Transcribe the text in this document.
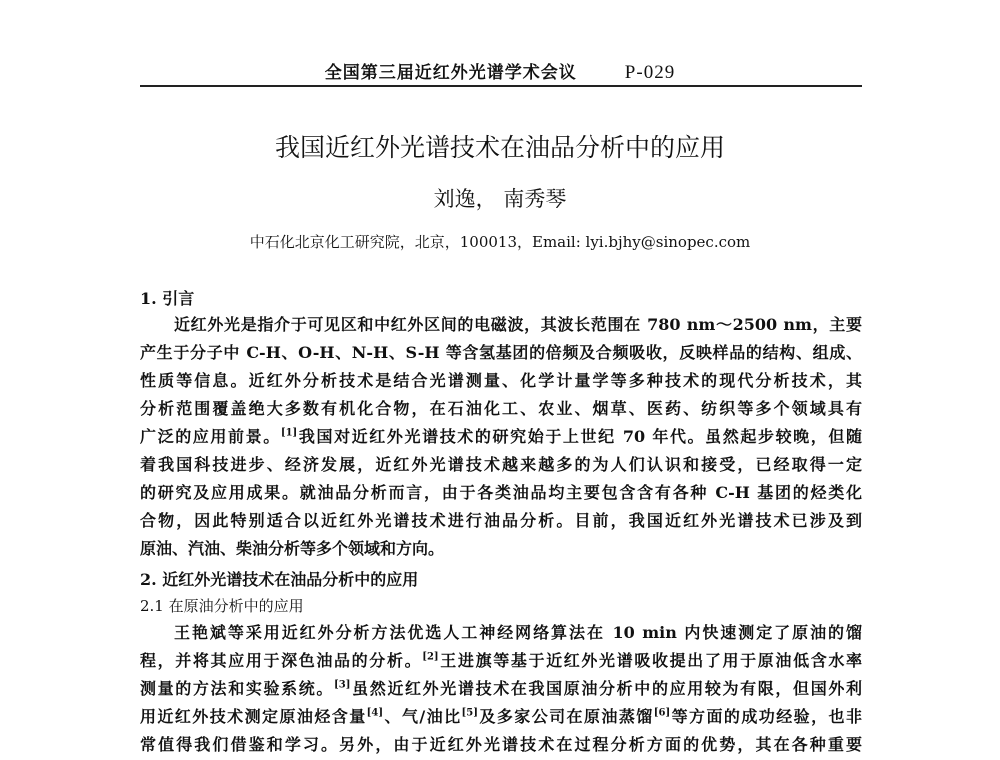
全国第三届近红外光谱学术会议	P-029
我国近红外光谱技术在油品分析中的应用
刘逸， 南秀琴
中石化北京化工研究院，北京，100013，Email: lyi.bjhy@sinopec.com
1. 引言
近红外光是指介于可见区和中红外区间的电磁波，其波长范围在 780 nm～2500 nm，主要
产生于分子中 C-H、O-H、N-H、S-H 等含氢基团的倍频及合频吸收，反映样品的结构、组成、
性质等信息。近红外分析技术是结合光谱测量、化学计量学等多种技术的现代分析技术，其
分析范围覆盖绝大多数有机化合物，在石油化工、农业、烟草、医药、纺织等多个领域具有
广泛的应用前景。[1]我国对近红外光谱技术的研究始于上世纪 70 年代。虽然起步较晚，但随
着我国科技进步、经济发展，近红外光谱技术越来越多的为人们认识和接受，已经取得一定
的研究及应用成果。就油品分析而言，由于各类油品均主要包含含有各种 C-H 基团的烃类化
合物，因此特别适合以近红外光谱技术进行油品分析。目前，我国近红外光谱技术已涉及到
原油、汽油、柴油分析等多个领域和方向。
2. 近红外光谱技术在油品分析中的应用
2.1 在原油分析中的应用
王艳斌等采用近红外分析方法优选人工神经网络算法在 10 min 内快速测定了原油的馏
程，并将其应用于深色油品的分析。[2]王进旗等基于近红外光谱吸收提出了用于原油低含水率
测量的方法和实验系统。[3]虽然近红外光谱技术在我国原油分析中的应用较为有限，但国外利
用近红外技术测定原油烃含量[4]、气/油比[5]及多家公司在原油蒸馏[6]等方面的成功经验，也非
常值得我们借鉴和学习。另外，由于近红外光谱技术在过程分析方面的优势，其在各种重要
